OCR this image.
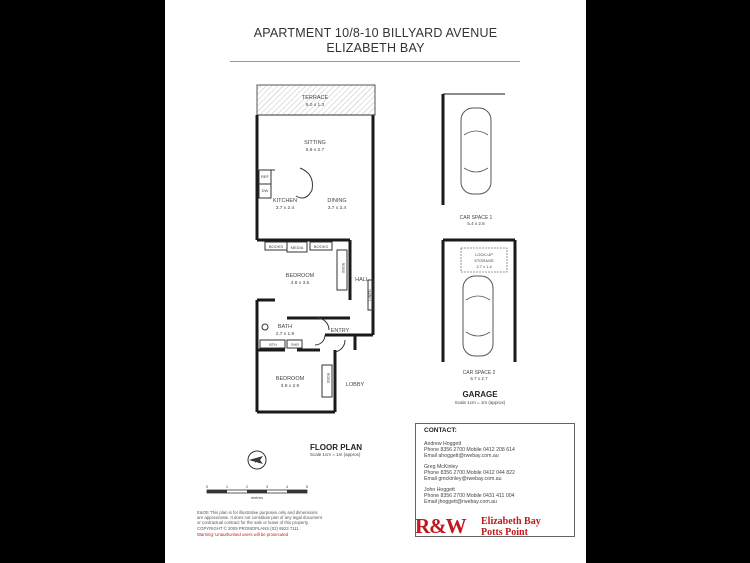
APARTMENT 10/8-10 BILLYARD AVENUE
ELIZABETH BAY
TERRACE
6.0 x 1.3
SITTING
5.8 x 2.7
DINING
3.7 x 3.4
KITCHEN
3.7 x 2.4
REF
DW
BOOKS MEDIA	BOOKS
BEDROOM
4.8 x 3.6
ROBE
HALL
LINEN
BATH
2.7 x 1.9
ENTRY
BTH	SHR
BEDROOM
3.9 x 2.9
ROBE
LOBBY
CAR SPACE 1
5.4 x 2.6
LOCK-UP
STORAGE
2.7 x 1.4
CAR SPACE 2
5.7 x 2.7
GARAGE
Scale 1cm = 1m (approx)
FLOOR PLAN
Scale 1cm = 1m (approx)
N
0	1	2	3	4	5
metres
E&OE This plan is for illustrative purposes only and dimensions
are approximate. It does not constitute part of any legal document
or contractual contract for the sale or lease of this property.
COPYRIGHT © 2009 PROMOPLANS (02) 9523 7111
Warning: Unauthorised users will be prosecuted
CONTACT:
Andrew Hoggett
Phone 8356 2700 Mobile 0412 208 614
Email ahoggett@rwebay.com.au
Greg McKinley
Phone 8356 2700 Mobile 0412 044 822
Email gmckinley@rwebay.com.au
John Hoggett
Phone 8356 2700 Mobile 0431 411 004
Email jhoggett@rwebay.com.au
R&W	Elizabeth Bay
Potts Point
